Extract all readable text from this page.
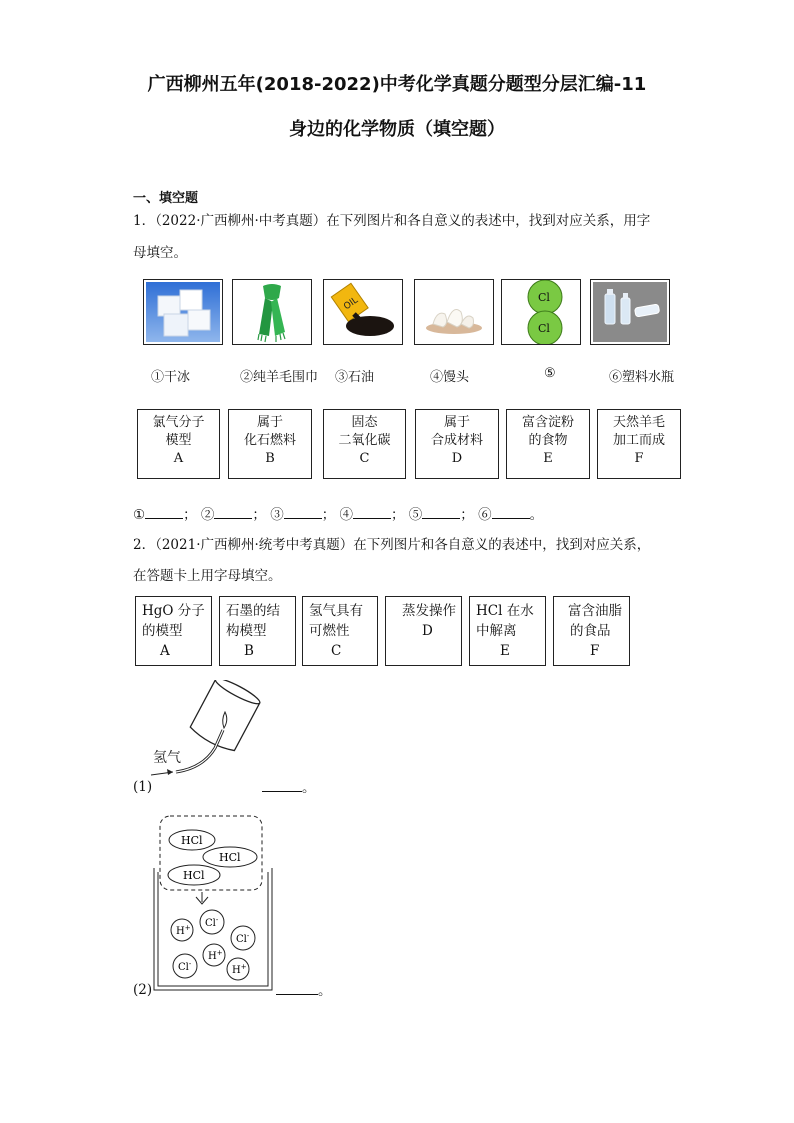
广西柳州五年(2018-2022)中考化学真题分题型分层汇编-11
身边的化学物质（填空题）
一、填空题
1．（2022·广西柳州·中考真题）在下列图片和各自意义的表述中，找到对应关系，用字
母填空。
OIL	Cl
Cl
①干冰	②纯羊毛围巾 ③石油	④馒头	⑤	⑥塑料水瓶
氯气分子
模型
A
属于
化石燃料
B
固态
二氧化碳
C
属于
合成材料
D
富含淀粉
的食物
E
天然羊毛
加工而成
F
①	； ②	； ③	； ④	； ⑤	； ⑥	。
2．（2021·广西柳州·统考中考真题）在下列图片和各自意义的表述中，找到对应关系，
在答题卡上用字母填空。
HgO 分子
的模型
A
石墨的结
构模型
B
氢气具有
可燃性
C
蒸发操作
D
HCl 在水
中解离
E
富含油脂
的食品
F
氢气
(1)	。
HCl
HCl
HCl
H+ Cl-
Cl-
H+
Cl-
H+
(2)	。
